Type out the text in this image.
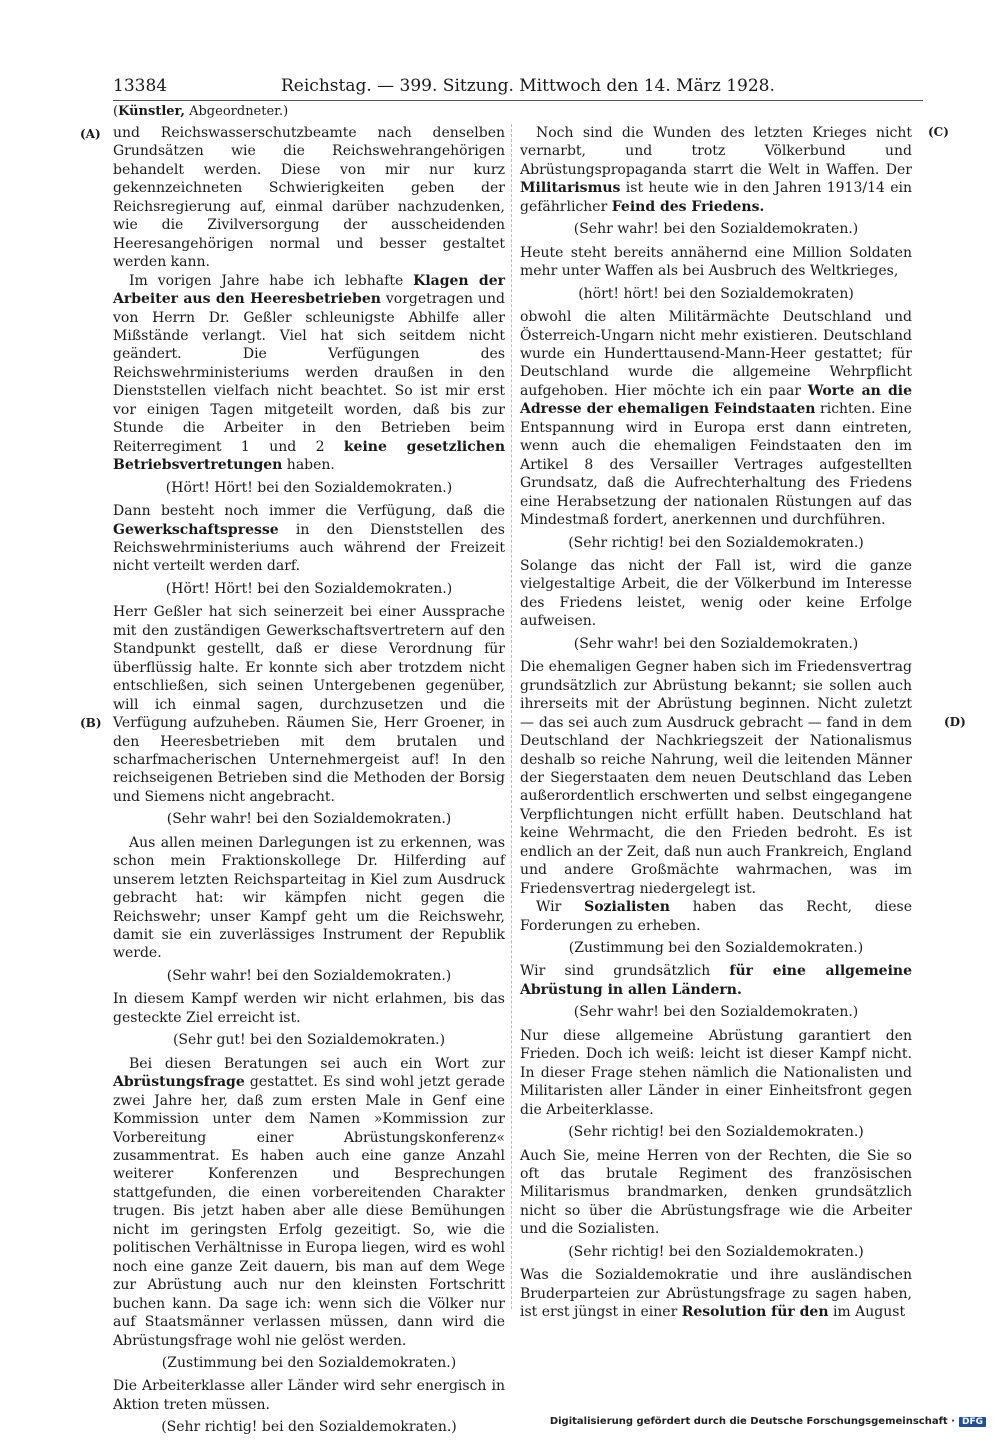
13384	Reichstag. — 399. Sitzung. Mittwoch den 14. März 1928.
(Künstler, Abgeordneter.)
(A)
(B)
(C)
(D)

und Reichswasserschutzbeamte nach denselben Grundsätzen wie die Reichswehrangehörigen behandelt werden. Diese von mir nur kurz gekennzeichneten Schwierigkeiten geben der Reichsregierung auf, einmal darüber nachzudenken, wie die Zivilversorgung der ausscheidenden Heeresangehörigen normal und besser gestaltet werden kann.

Im vorigen Jahre habe ich lebhafte Klagen der Arbeiter aus den Heeresbetrieben vorgetragen und von Herrn Dr. Geßler schleunigste Abhilfe aller Mißstände verlangt. Viel hat sich seitdem nicht geändert. Die Verfügungen des Reichswehrministeriums werden draußen in den Dienststellen vielfach nicht beachtet. So ist mir erst vor einigen Tagen mitgeteilt worden, daß bis zur Stunde die Arbeiter in den Betrieben beim Reiterregiment 1 und 2 keine gesetzlichen Betriebsvertretungen haben.

(Hört! Hört! bei den Sozialdemokraten.)

Dann besteht noch immer die Verfügung, daß die Gewerkschaftspresse in den Dienststellen des Reichswehrministeriums auch während der Freizeit nicht verteilt werden darf.

(Hört! Hört! bei den Sozialdemokraten.)

Herr Geßler hat sich seinerzeit bei einer Aussprache mit den zuständigen Gewerkschaftsvertretern auf den Standpunkt gestellt, daß er diese Verordnung für überflüssig halte. Er konnte sich aber trotzdem nicht entschließen, sich seinen Untergebenen gegenüber, will ich einmal sagen, durchzusetzen und die Verfügung aufzuheben. Räumen Sie, Herr Groener, in den Heeresbetrieben mit dem brutalen und scharfmacherischen Unternehmergeist auf! In den reichseigenen Betrieben sind die Methoden der Borsig und Siemens nicht angebracht.

(Sehr wahr! bei den Sozialdemokraten.)

Aus allen meinen Darlegungen ist zu erkennen, was schon mein Fraktionskollege Dr. Hilferding auf unserem letzten Reichsparteitag in Kiel zum Ausdruck gebracht hat: wir kämpfen nicht gegen die Reichswehr; unser Kampf geht um die Reichswehr, damit sie ein zuverlässiges Instrument der Republik werde.

(Sehr wahr! bei den Sozialdemokraten.)

In diesem Kampf werden wir nicht erlahmen, bis das gesteckte Ziel erreicht ist.

(Sehr gut! bei den Sozialdemokraten.)

Bei diesen Beratungen sei auch ein Wort zur Abrüstungsfrage gestattet. Es sind wohl jetzt gerade zwei Jahre her, daß zum ersten Male in Genf eine Kommission unter dem Namen »Kommission zur Vorbereitung einer Abrüstungskonferenz« zusammentrat. Es haben auch eine ganze Anzahl weiterer Konferenzen und Besprechungen stattgefunden, die einen vorbereitenden Charakter trugen. Bis jetzt haben aber alle diese Bemühungen nicht im geringsten Erfolg gezeitigt. So, wie die politischen Verhältnisse in Europa liegen, wird es wohl noch eine ganze Zeit dauern, bis man auf dem Wege zur Abrüstung auch nur den kleinsten Fortschritt buchen kann. Da sage ich: wenn sich die Völker nur auf Staatsmänner verlassen müssen, dann wird die Abrüstungsfrage wohl nie gelöst werden.

(Zustimmung bei den Sozialdemokraten.)

Die Arbeiterklasse aller Länder wird sehr energisch in Aktion treten müssen.

(Sehr richtig! bei den Sozialdemokraten.)

Noch sind die Wunden des letzten Krieges nicht vernarbt, und trotz Völkerbund und Abrüstungspropaganda starrt die Welt in Waffen. Der Militarismus ist heute wie in den Jahren 1913/14 ein gefährlicher Feind des Friedens.

(Sehr wahr! bei den Sozialdemokraten.)

Heute steht bereits annähernd eine Million Soldaten mehr unter Waffen als bei Ausbruch des Weltkrieges,

(hört! hört! bei den Sozialdemokraten)

obwohl die alten Militärmächte Deutschland und Österreich-Ungarn nicht mehr existieren. Deutschland wurde ein Hunderttausend-Mann-Heer gestattet; für Deutschland wurde die allgemeine Wehrpflicht aufgehoben. Hier möchte ich ein paar Worte an die Adresse der ehemaligen Feindstaaten richten. Eine Entspannung wird in Europa erst dann eintreten, wenn auch die ehemaligen Feindstaaten den im Artikel 8 des Versailler Vertrages aufgestellten Grundsatz, daß die Aufrechterhaltung des Friedens eine Herabsetzung der nationalen Rüstungen auf das Mindestmaß fordert, anerkennen und durchführen.

(Sehr richtig! bei den Sozialdemokraten.)

Solange das nicht der Fall ist, wird die ganze vielgestaltige Arbeit, die der Völkerbund im Interesse des Friedens leistet, wenig oder keine Erfolge aufweisen.

(Sehr wahr! bei den Sozialdemokraten.)

Die ehemaligen Gegner haben sich im Friedensvertrag grundsätzlich zur Abrüstung bekannt; sie sollen auch ihrerseits mit der Abrüstung beginnen. Nicht zuletzt — das sei auch zum Ausdruck gebracht — fand in dem Deutschland der Nachkriegszeit der Nationalismus deshalb so reiche Nahrung, weil die leitenden Männer der Siegerstaaten dem neuen Deutschland das Leben außerordentlich erschwerten und selbst eingegangene Verpflichtungen nicht erfüllt haben. Deutschland hat keine Wehrmacht, die den Frieden bedroht. Es ist endlich an der Zeit, daß nun auch Frankreich, England und andere Großmächte wahrmachen, was im Friedensvertrag niedergelegt ist.

Wir Sozialisten haben das Recht, diese Forderungen zu erheben.

(Zustimmung bei den Sozialdemokraten.)

Wir sind grundsätzlich für eine allgemeine Abrüstung in allen Ländern.

(Sehr wahr! bei den Sozialdemokraten.)

Nur diese allgemeine Abrüstung garantiert den Frieden. Doch ich weiß: leicht ist dieser Kampf nicht. In dieser Frage stehen nämlich die Nationalisten und Militaristen aller Länder in einer Einheitsfront gegen die Arbeiterklasse.

(Sehr richtig! bei den Sozialdemokraten.)

Auch Sie, meine Herren von der Rechten, die Sie so oft das brutale Regiment des französischen Militarismus brandmarken, denken grundsätzlich nicht so über die Abrüstungsfrage wie die Arbeiter und die Sozialisten.

(Sehr richtig! bei den Sozialdemokraten.)

Was die Sozialdemokratie und ihre ausländischen Bruderparteien zur Abrüstungsfrage zu sagen haben, ist erst jüngst in einer Resolution für den im August

Digitalisierung gefördert durch die Deutsche Forschungsgemeinschaft · DFG
